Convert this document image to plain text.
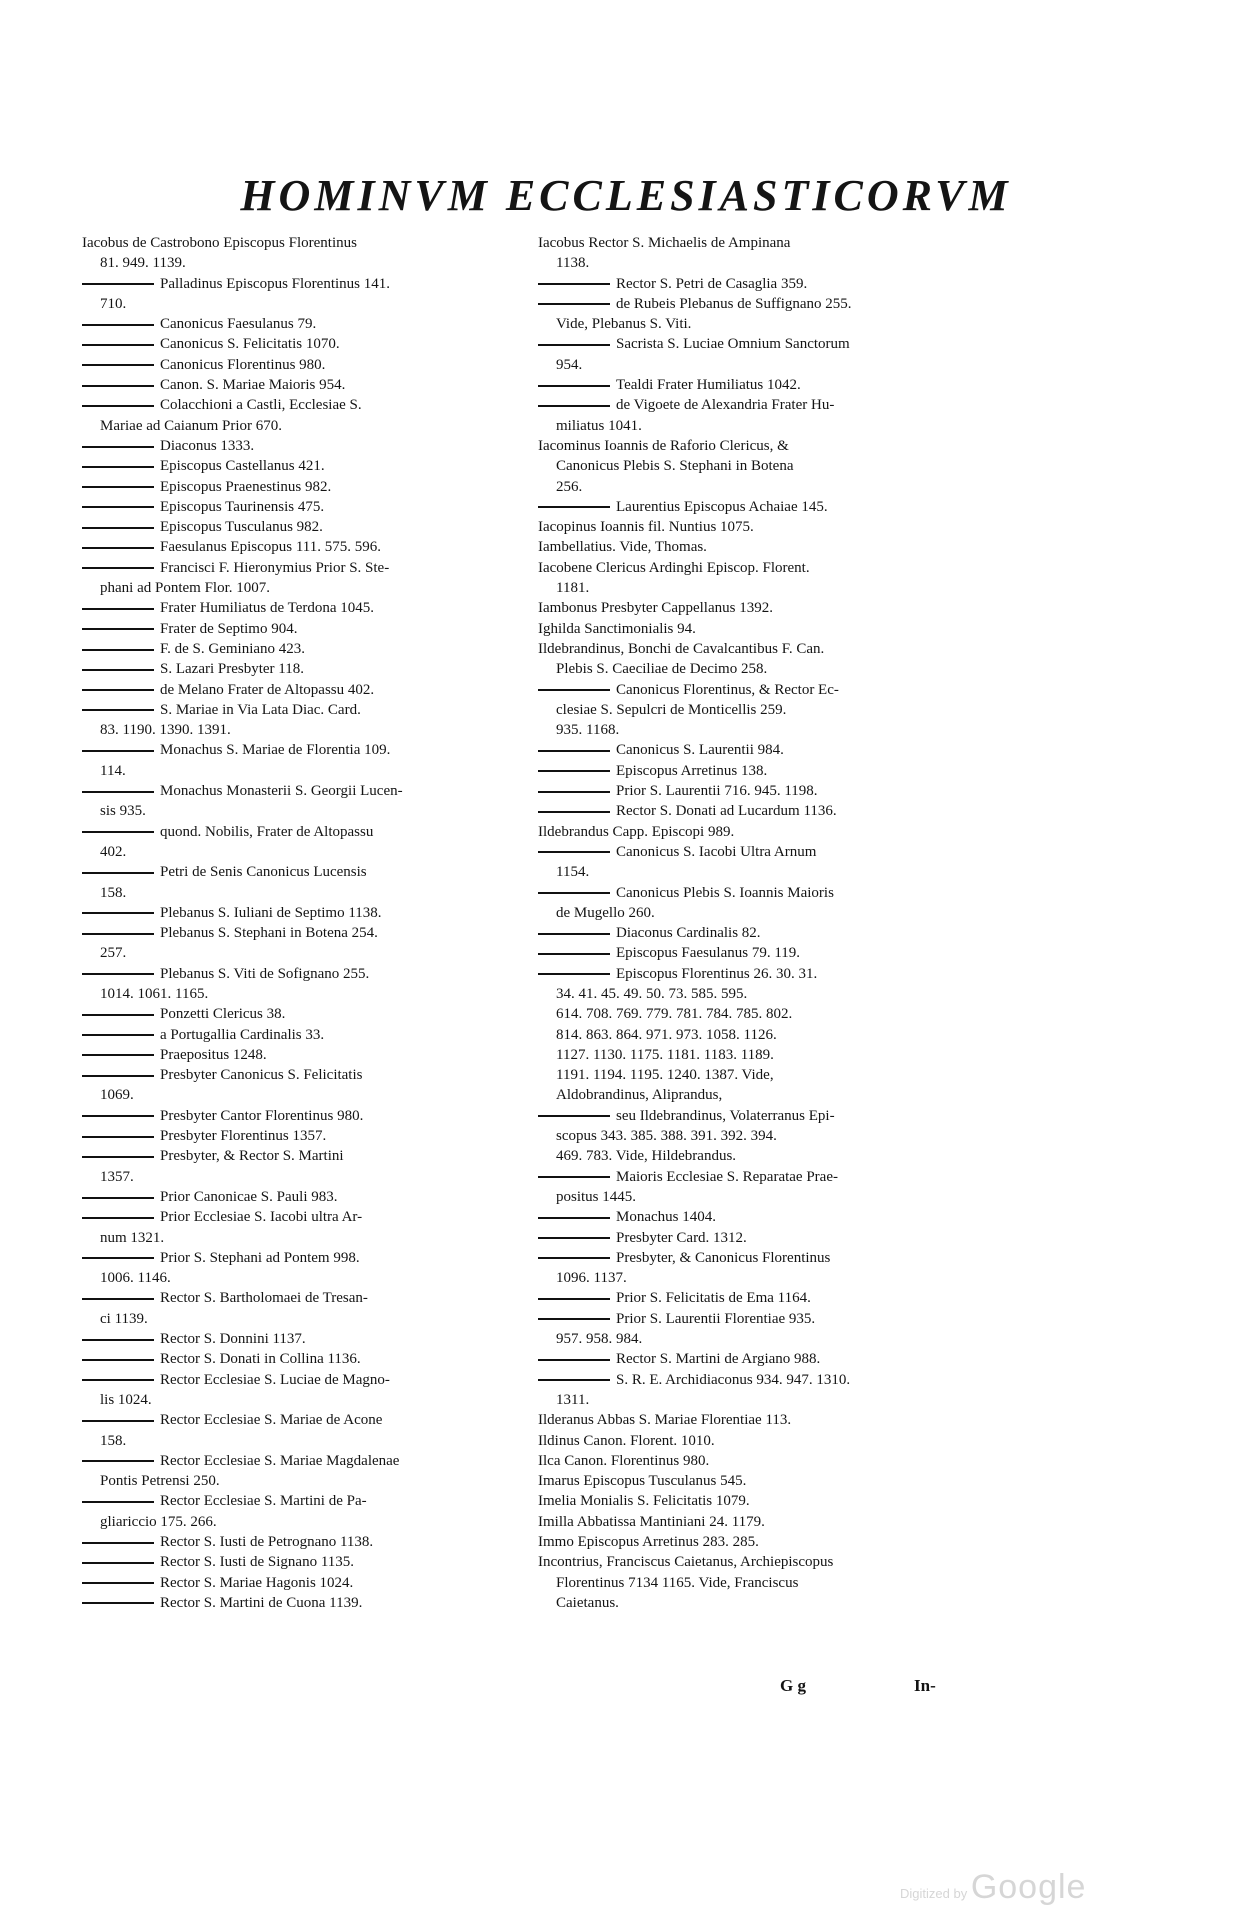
HOMINVM ECCLESIASTICORVM
Iacobus de Castrobono Episcopus Florentinus
81. 949. 1139.
Palladinus Episcopus Florentinus 141.
710.
Canonicus Faesulanus 79.
Canonicus S. Felicitatis 1070.
Canonicus Florentinus 980.
Canon. S. Mariae Maioris 954.
Colacchioni a Castli, Ecclesiae S.
Mariae ad Caianum Prior 670.
Diaconus 1333.
Episcopus Castellanus 421.
Episcopus Praenestinus 982.
Episcopus Taurinensis 475.
Episcopus Tusculanus 982.
Faesulanus Episcopus 111. 575. 596.
Francisci F. Hieronymius Prior S. Ste-
phani ad Pontem Flor. 1007.
Frater Humiliatus de Terdona 1045.
Frater de Septimo 904.
F. de S. Geminiano 423.
S. Lazari Presbyter 118.
de Melano Frater de Altopassu 402.
S. Mariae in Via Lata Diac. Card.
83. 1190. 1390. 1391.
Monachus S. Mariae de Florentia 109.
114.
Monachus Monasterii S. Georgii Lucen-
sis 935.
quond. Nobilis, Frater de Altopassu
402.
Petri de Senis Canonicus Lucensis
158.
Plebanus S. Iuliani de Septimo 1138.
Plebanus S. Stephani in Botena 254.
257.
Plebanus S. Viti de Sofignano 255.
1014. 1061. 1165.
Ponzetti Clericus 38.
a Portugallia Cardinalis 33.
Praepositus 1248.
Presbyter Canonicus S. Felicitatis
1069.
Presbyter Cantor Florentinus 980.
Presbyter Florentinus 1357.
Presbyter, & Rector S. Martini
1357.
Prior Canonicae S. Pauli 983.
Prior Ecclesiae S. Iacobi ultra Ar-
num 1321.
Prior S. Stephani ad Pontem 998.
1006. 1146.
Rector S. Bartholomaei de Tresan-
ci 1139.
Rector S. Donnini 1137.
Rector S. Donati in Collina 1136.
Rector Ecclesiae S. Luciae de Magno-
lis 1024.
Rector Ecclesiae S. Mariae de Acone
158.
Rector Ecclesiae S. Mariae Magdalenae
Pontis Petrensi 250.
Rector Ecclesiae S. Martini de Pa-
gliariccio 175. 266.
Rector S. Iusti de Petrognano 1138.
Rector S. Iusti de Signano 1135.
Rector S. Mariae Hagonis 1024.
Rector S. Martini de Cuona 1139.
Iacobus Rector S. Michaelis de Ampinana
1138.
Rector S. Petri de Casaglia 359.
de Rubeis Plebanus de Suffignano 255.
Vide, Plebanus S. Viti.
Sacrista S. Luciae Omnium Sanctorum
954.
Tealdi Frater Humiliatus 1042.
de Vigoete de Alexandria Frater Hu-
miliatus 1041.
Iacominus Ioannis de Raforio Clericus, &
Canonicus Plebis S. Stephani in Botena
256.
Laurentius Episcopus Achaiae 145.
Iacopinus Ioannis fil. Nuntius 1075.
Iambellatius. Vide, Thomas.
Iacobene Clericus Ardinghi Episcop. Florent.
1181.
Iambonus Presbyter Cappellanus 1392.
Ighilda Sanctimonialis 94.
Ildebrandinus, Bonchi de Cavalcantibus F. Can.
Plebis S. Caeciliae de Decimo 258.
Canonicus Florentinus, & Rector Ec-
clesiae S. Sepulcri de Monticellis 259.
935. 1168.
Canonicus S. Laurentii 984.
Episcopus Arretinus 138.
Prior S. Laurentii 716. 945. 1198.
Rector S. Donati ad Lucardum 1136.
Ildebrandus Capp. Episcopi 989.
Canonicus S. Iacobi Ultra Arnum
1154.
Canonicus Plebis S. Ioannis Maioris
de Mugello 260.
Diaconus Cardinalis 82.
Episcopus Faesulanus 79. 119.
Episcopus Florentinus 26. 30. 31.
34. 41. 45. 49. 50. 73. 585. 595.
614. 708. 769. 779. 781. 784. 785. 802.
814. 863. 864. 971. 973. 1058. 1126.
1127. 1130. 1175. 1181. 1183. 1189.
1191. 1194. 1195. 1240. 1387. Vide,
Aldobrandinus, Aliprandus,
seu Ildebrandinus, Volaterranus Epi-
scopus 343. 385. 388. 391. 392. 394.
469. 783. Vide, Hildebrandus.
Maioris Ecclesiae S. Reparatae Prae-
positus 1445.
Monachus 1404.
Presbyter Card. 1312.
Presbyter, & Canonicus Florentinus
1096. 1137.
Prior S. Felicitatis de Ema 1164.
Prior S. Laurentii Florentiae 935.
957. 958. 984.
Rector S. Martini de Argiano 988.
S. R. E. Archidiaconus 934. 947. 1310.
1311.
Ilderanus Abbas S. Mariae Florentiae 113.
Ildinus Canon. Florent. 1010.
Ilca Canon. Florentinus 980.
Imarus Episcopus Tusculanus 545.
Imelia Monialis S. Felicitatis 1079.
Imilla Abbatissa Mantiniani 24. 1179.
Immo Episcopus Arretinus 283. 285.
Incontrius, Franciscus Caietanus, Archiepiscopus
Florentinus 7134 1165. Vide, Franciscus
Caietanus.
G g	In-
Digitized by Google
